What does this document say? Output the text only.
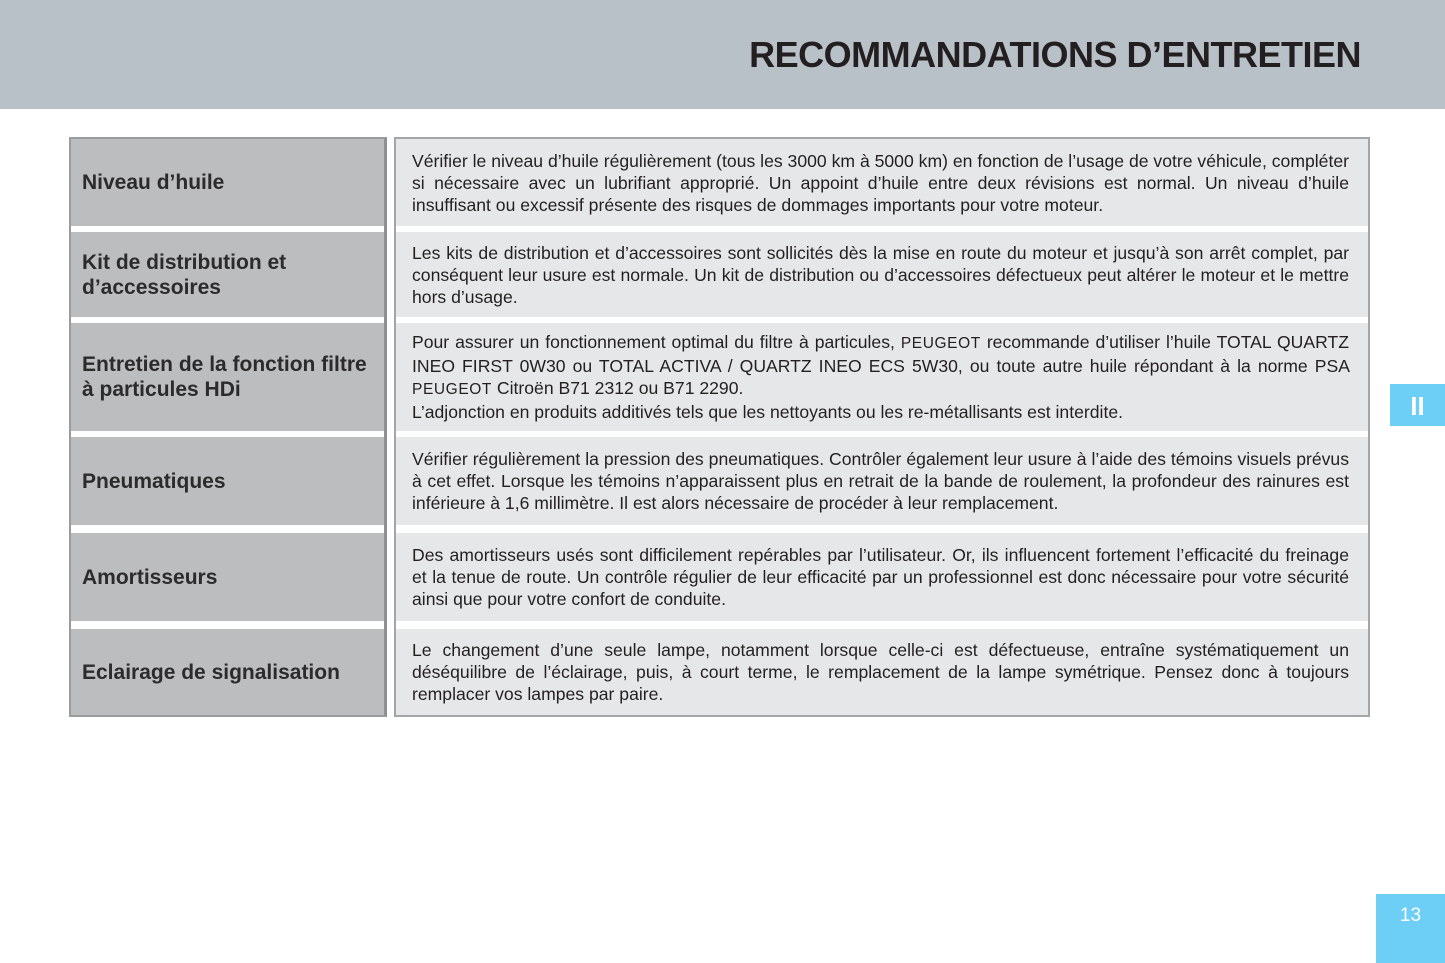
RECOMMANDATIONS D’ENTRETIEN
Niveau d’huile
Kit de distribution et d’accessoires
Entretien de la fonction filtre à particules HDi
Pneumatiques
Amortisseurs
Eclairage de signalisation

Vérifier le niveau d’huile régulièrement (tous les 3000 km à 5000 km) en fonction de l’usage de votre véhicule, compléter si nécessaire avec un lubrifiant approprié. Un appoint d’huile entre deux révisions est normal. Un niveau d’huile insuffisant ou excessif présente des risques de dommages importants pour votre moteur.

Les kits de distribution et d’accessoires sont sollicités dès la mise en route du moteur et jusqu’à son arrêt complet, par conséquent leur usure est normale. Un kit de distribution ou d’accessoires défectueux peut altérer le moteur et le mettre hors d’usage.

Pour assurer un fonctionnement optimal du filtre à particules, PEUGEOT recommande d’utiliser l’huile TOTAL QUARTZ INEO FIRST 0W30 ou TOTAL ACTIVA / QUARTZ INEO ECS 5W30, ou toute autre huile répondant à la norme PSA PEUGEOT Citroën B71 2312 ou B71 2290.
L’adjonction en produits additivés tels que les nettoyants ou les re-métallisants est interdite.

Vérifier régulièrement la pression des pneumatiques. Contrôler également leur usure à l’aide des témoins visuels prévus à cet effet. Lorsque les témoins n’apparaissent plus en retrait de la bande de roulement, la profondeur des rainures est inférieure à 1,6 millimètre. Il est alors nécessaire de procéder à leur remplacement.

Des amortisseurs usés sont difficilement repérables par l’utilisateur. Or, ils influencent fortement l’efficacité du freinage et la tenue de route. Un contrôle régulier de leur efficacité par un professionnel est donc nécessaire pour votre sécurité ainsi que pour votre confort de conduite.

Le changement d’une seule lampe, notamment lorsque celle-ci est défectueuse, entraîne systématiquement un déséquilibre de l’éclairage, puis, à court terme, le remplacement de la lampe symétrique. Pensez donc à toujours remplacer vos lampes par paire.

II
13
